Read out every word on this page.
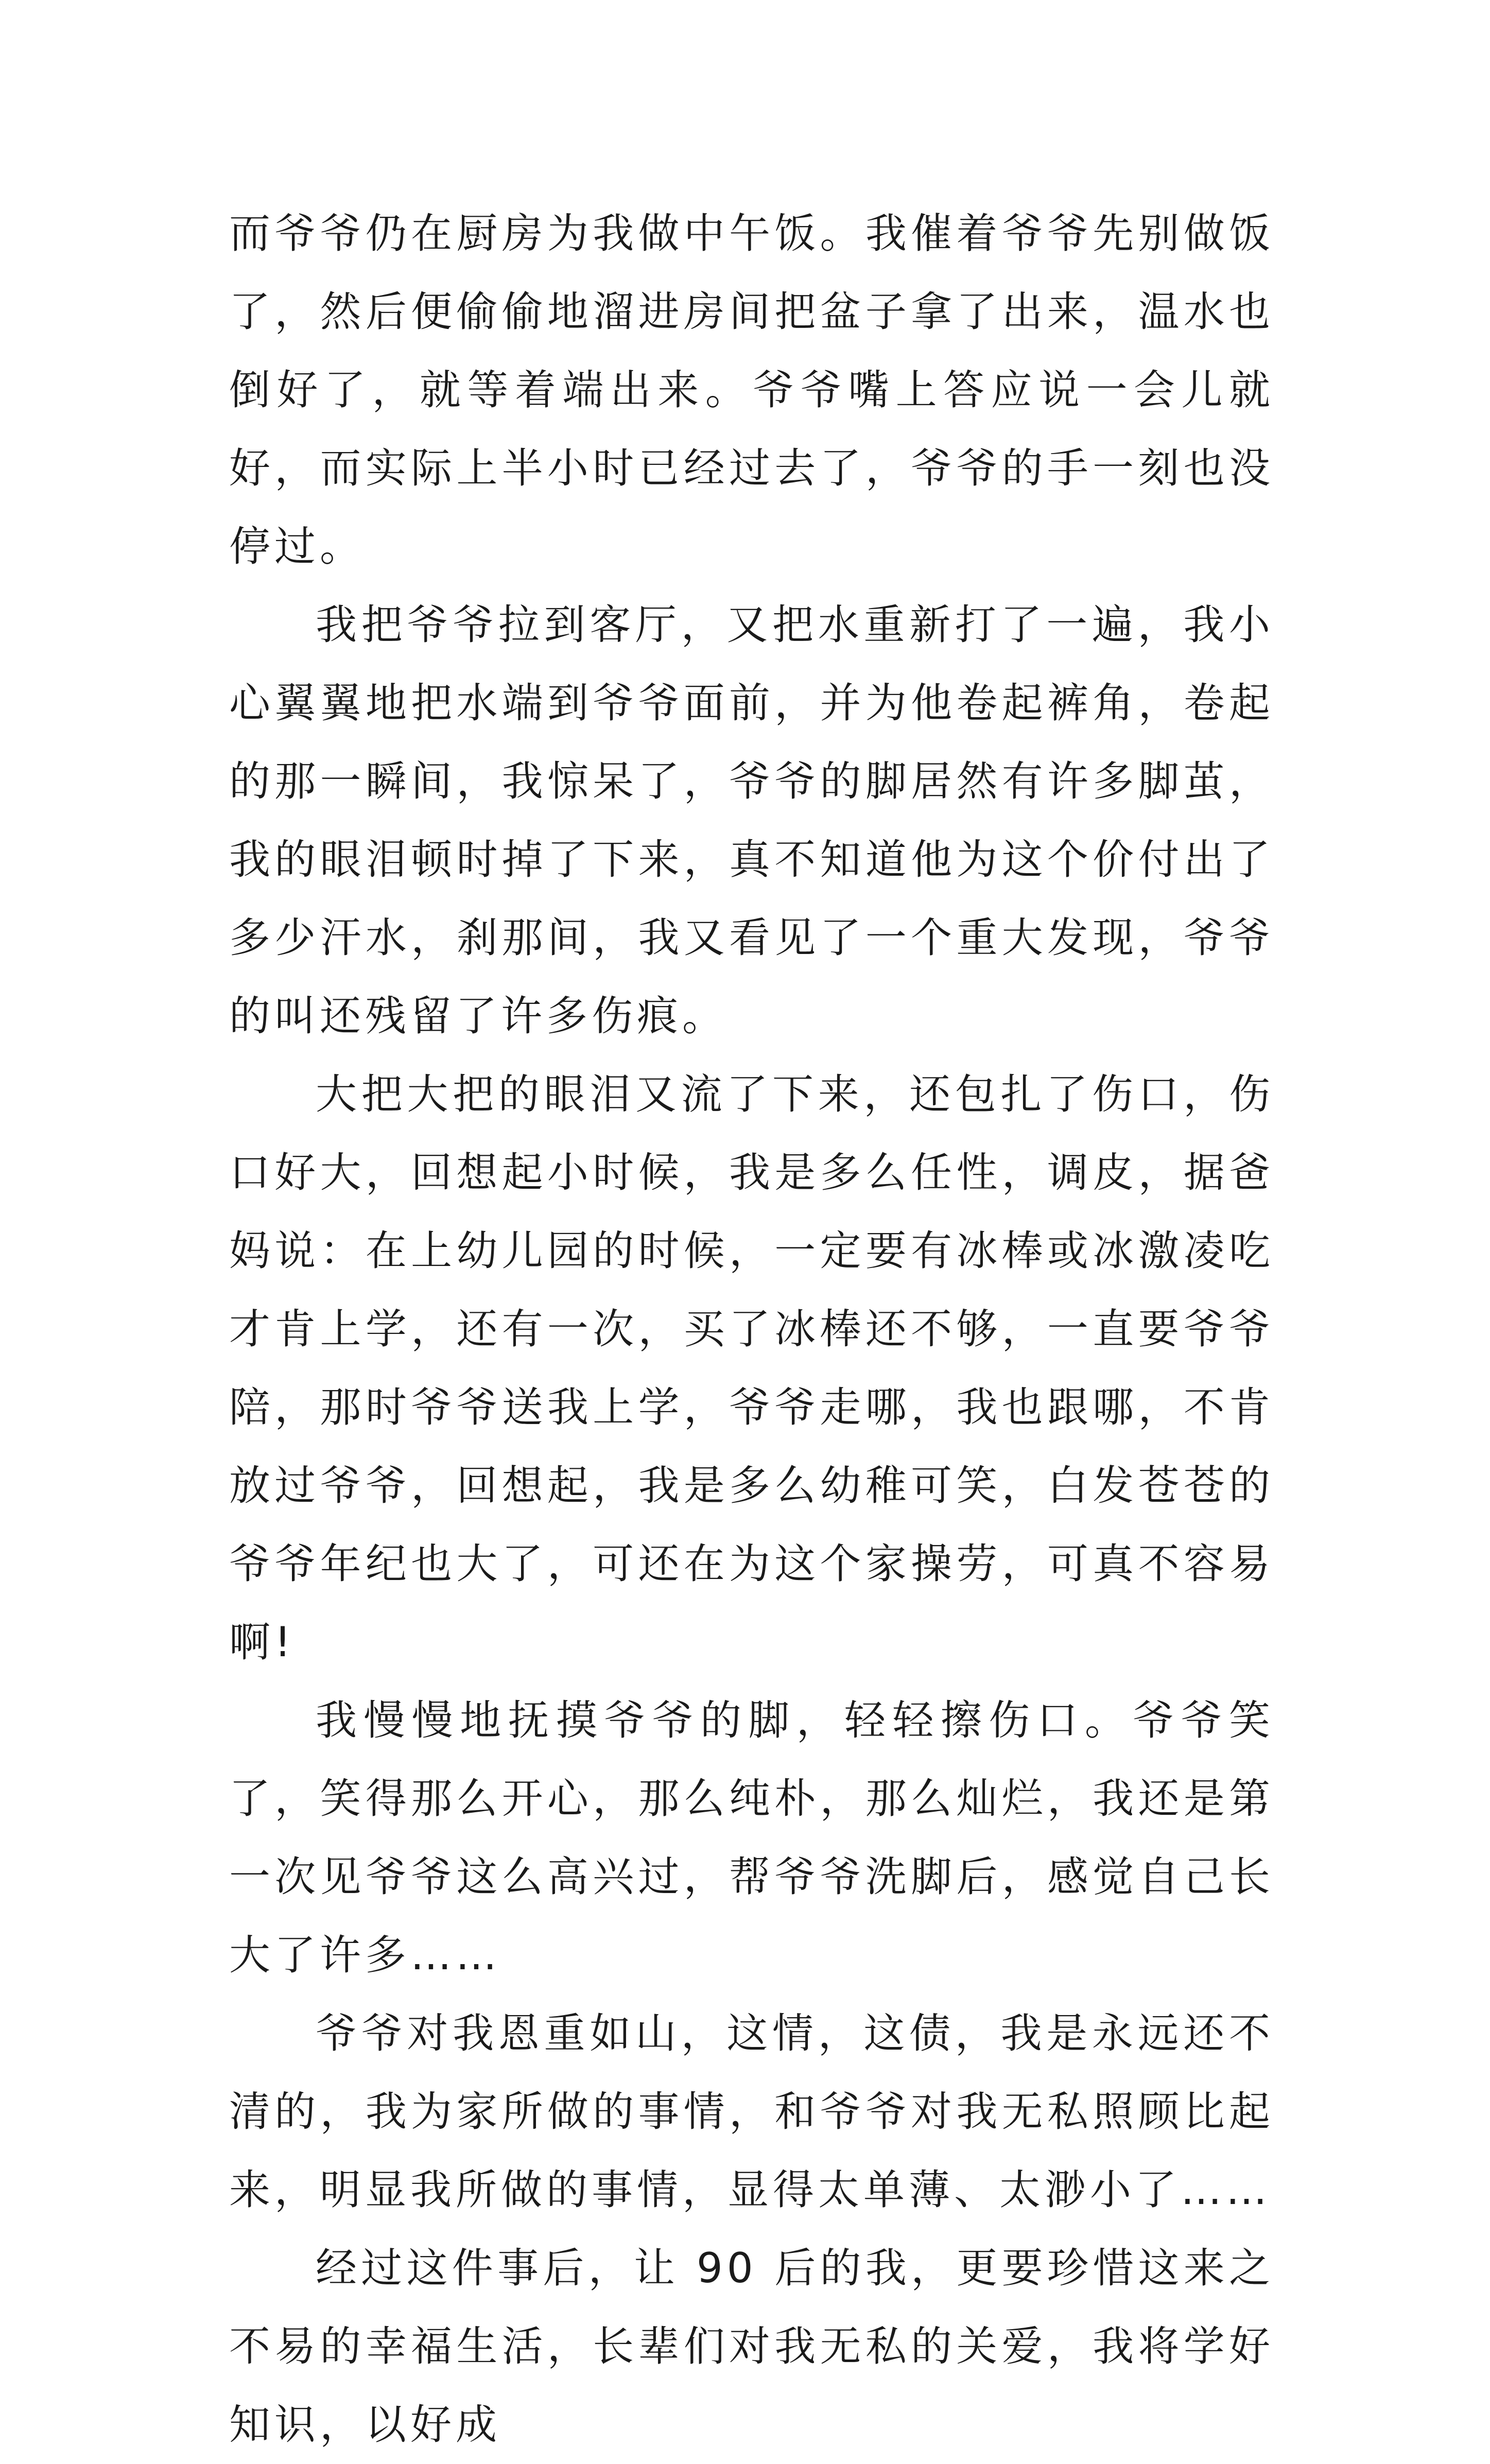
而爷爷仍在厨房为我做中午饭。我催着爷爷先别做饭了，然后便偷偷地溜进房间把盆子拿了出来，温水也倒好了，就等着端出来。爷爷嘴上答应说一会儿就好，而实际上半小时已经过去了，爷爷的手一刻也没停过。

我把爷爷拉到客厅，又把水重新打了一遍，我小心翼翼地把水端到爷爷面前，并为他卷起裤角，卷起的那一瞬间，我惊呆了，爷爷的脚居然有许多脚茧，我的眼泪顿时掉了下来，真不知道他为这个价付出了多少汗水，刹那间，我又看见了一个重大发现，爷爷的叫还残留了许多伤痕。

大把大把的眼泪又流了下来，还包扎了伤口，伤口好大，回想起小时候，我是多么任性，调皮，据爸妈说：在上幼儿园的时候，一定要有冰棒或冰激凌吃才肯上学，还有一次，买了冰棒还不够，一直要爷爷陪，那时爷爷送我上学，爷爷走哪，我也跟哪，不肯放过爷爷，回想起，我是多么幼稚可笑，白发苍苍的爷爷年纪也大了，可还在为这个家操劳，可真不容易啊!

我慢慢地抚摸爷爷的脚，轻轻擦伤口。爷爷笑了，笑得那么开心，那么纯朴，那么灿烂，我还是第一次见爷爷这么高兴过，帮爷爷洗脚后，感觉自己长大了许多……

爷爷对我恩重如山，这情，这债，我是永远还不清的，我为家所做的事情，和爷爷对我无私照顾比起来，明显我所做的事情，显得太单薄、太渺小了……

经过这件事后，让 90 后的我，更要珍惜这来之不易的幸福生活，长辈们对我无私的关爱，我将学好知识，以好成
